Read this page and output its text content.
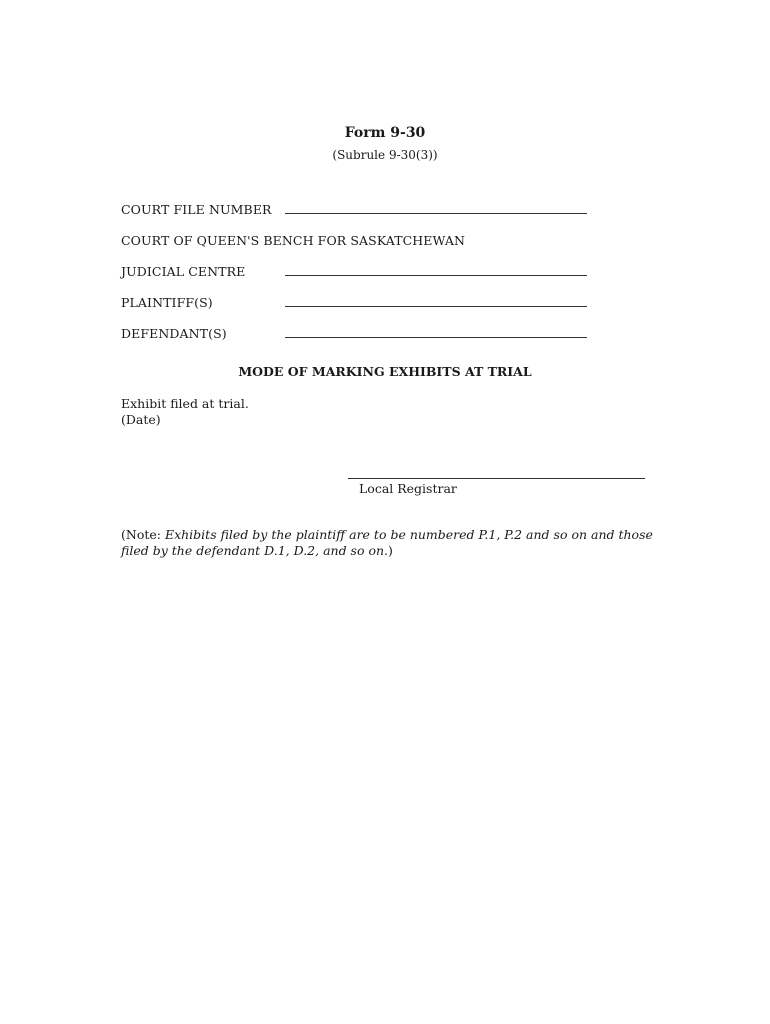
Form 9-30
(Subrule 9-30(3))
COURT FILE NUMBER
COURT OF QUEEN'S BENCH FOR SASKATCHEWAN
JUDICIAL CENTRE
PLAINTIFF(S)
DEFENDANT(S)
MODE OF MARKING EXHIBITS AT TRIAL
Exhibit filed at trial.
(Date)
Local Registrar
(Note: Exhibits filed by the plaintiff are to be numbered P.1, P.2 and so on and those filed by the defendant D.1, D.2, and so on.)
